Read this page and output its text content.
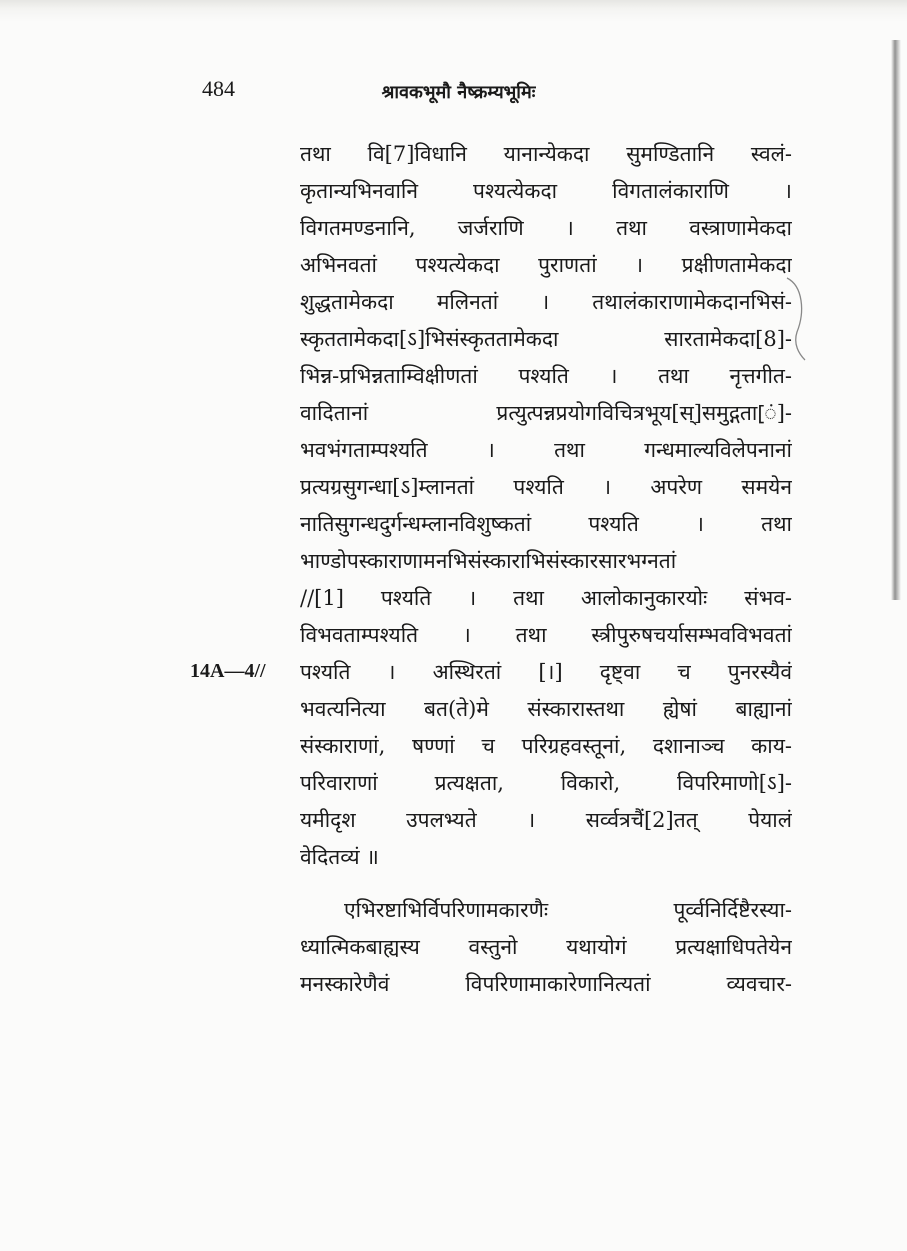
484	श्रावकभूमौ नैष्क्रम्यभूमिः
14A—4//
तथा वि[7]विधानि यानान्येकदा सुमण्डितानि स्वलं-
कृतान्यभिनवानि पश्यत्येकदा विगतालंकाराणि ।
विगतमण्डनानि, जर्जराणि । तथा वस्त्राणामेकदा
अभिनवतां पश्यत्येकदा पुराणतां । प्रक्षीणतामेकदा
शुद्धतामेकदा मलिनतां । तथालंकाराणामेकदानभिसं-
स्कृततामेकदा[ऽ]भिसंस्कृततामेकदा सारतामेकदा[8]-
भिन्न-प्रभिन्नताम्विक्षीणतां पश्यति । तथा नृत्तगीत-
वादितानां प्रत्युत्पन्नप्रयोगविचित्रभूय[स्]समुद्गता[ं]-
भवभंगताम्पश्यति । तथा गन्धमाल्यविलेपनानां
प्रत्यग्रसुगन्धा[ऽ]म्लानतां पश्यति । अपरेण समयेन
नातिसुगन्धदुर्गन्धम्लानविशुष्कतां पश्यति । तथा
भाण्डोपस्काराणामनभिसंस्काराभिसंस्कारसारभग्नतां
//[1] पश्यति । तथा आलोकानुकारयोः संभव-
विभवताम्पश्यति । तथा स्त्रीपुरुषचर्यासम्भवविभवतां
पश्यति । अस्थिरतां [।] दृष्ट्वा च पुनरस्यैवं
भवत्यनित्या बत(ते)मे संस्कारास्तथा ह्येषां बाह्यानां
संस्काराणां, षण्णां च परिग्रहवस्तूनां, दशानाञ्च काय-
परिवाराणां प्रत्यक्षता, विकारो, विपरिमाणो[ऽ]-
यमीदृश उपलभ्यते । सर्व्वत्रचैं[2]तत् पेयालं
वेदितव्यं ॥
एभिरष्टाभिर्विपरिणामकारणैः पूर्व्वनिर्दिष्टैरस्या-
ध्यात्मिकबाह्यस्य वस्तुनो यथायोगं प्रत्यक्षाधिपतेयेन
मनस्कारेणैवं विपरिणामाकारेणानित्यतां व्यवचार-
